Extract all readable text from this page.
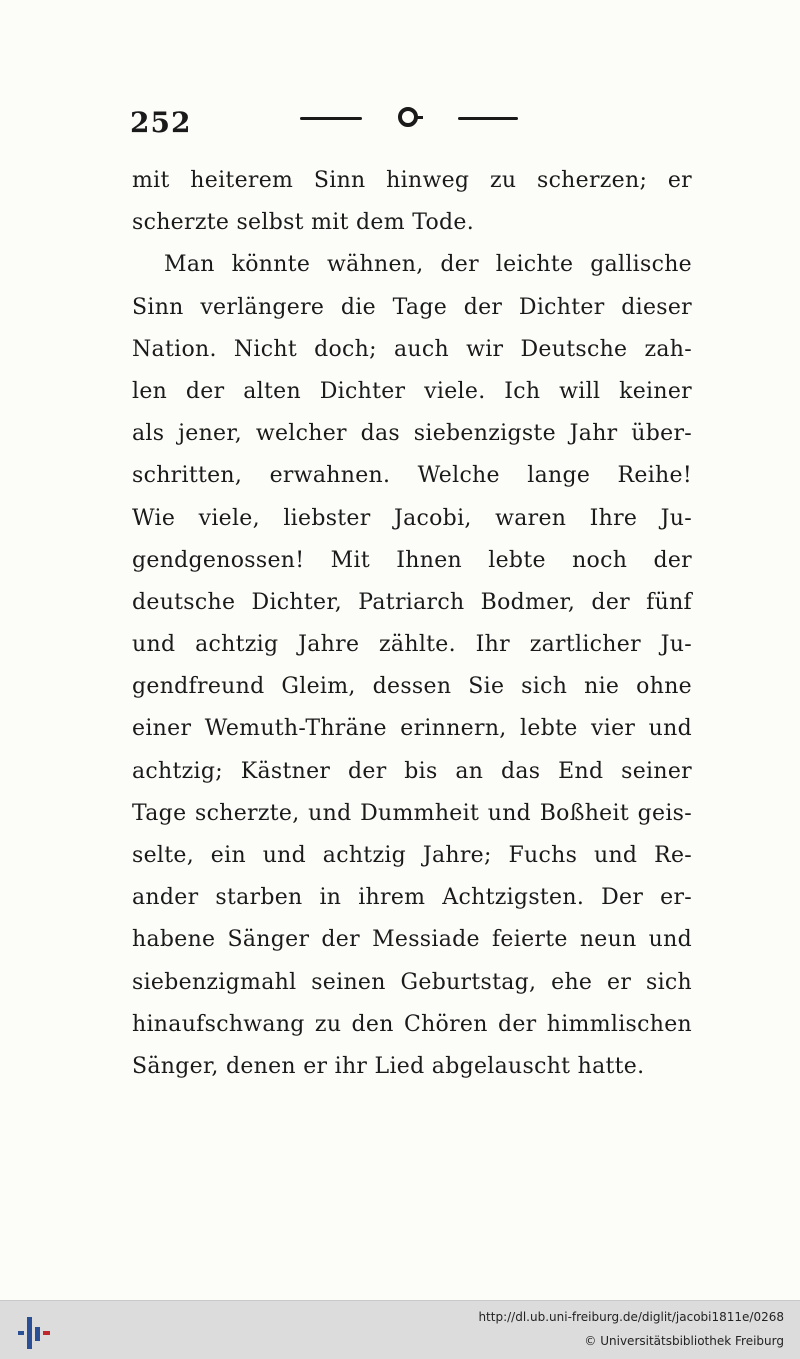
252
mit heiterem Sinn hinweg zu scherzen; er
scherzte selbst mit dem Tode.
Man könnte wähnen, der leichte gallische
Sinn verlängere die Tage der Dichter dieser
Nation. Nicht doch; auch wir Deutsche zah-
len der alten Dichter viele. Ich will keiner
als jener, welcher das siebenzigste Jahr über-
schritten, erwahnen. Welche lange Reihe!
Wie viele, liebster Jacobi, waren Ihre Ju-
gendgenossen! Mit Ihnen lebte noch der
deutsche Dichter, Patriarch Bodmer, der fünf
und achtzig Jahre zählte. Ihr zartlicher Ju-
gendfreund Gleim, dessen Sie sich nie ohne
einer Wemuth-Thräne erinnern, lebte vier und
achtzig; Kästner der bis an das End seiner
Tage scherzte, und Dummheit und Boßheit geis-
selte, ein und achtzig Jahre; Fuchs und Re-
ander starben in ihrem Achtzigsten. Der er-
habene Sänger der Messiade feierte neun und
siebenzigmahl seinen Geburtstag, ehe er sich
hinaufschwang zu den Chören der himmlischen
Sänger, denen er ihr Lied abgelauscht hatte.
http://dl.ub.uni-freiburg.de/diglit/jacobi1811e/0268
© Universitätsbibliothek Freiburg
